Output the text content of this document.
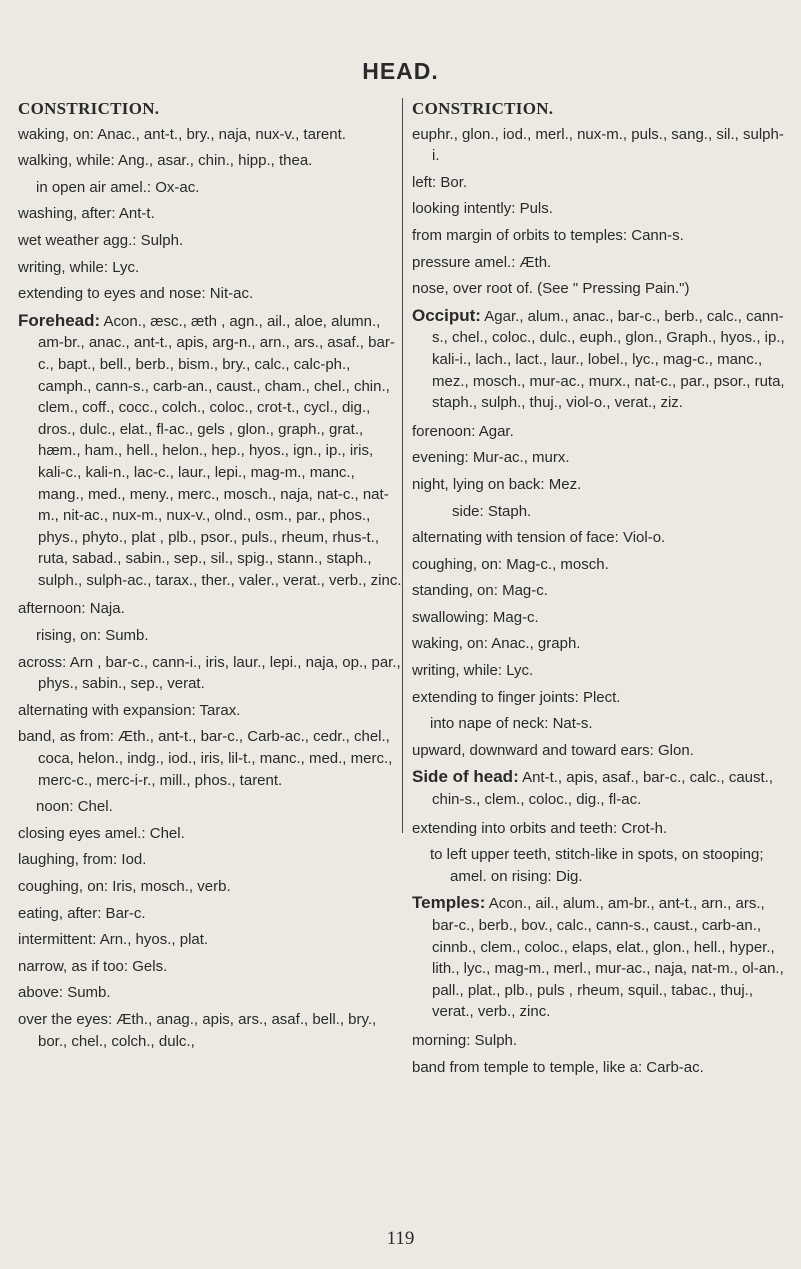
HEAD.
CONSTRICTION.
waking, on: Anac., ant-t., bry., naja, nux-v., tarent.
walking, while: Ang., asar., chin., hipp., thea.
in open air amel.: Ox-ac.
washing, after: Ant-t.
wet weather agg.: Sulph.
writing, while: Lyc.
extending to eyes and nose: Nit-ac.
Forehead: Acon., æsc., æth , agn., ail., aloe, alumn., am-br., anac., ant-t., apis, arg-n., arn., ars., asaf., bar-c., bapt., bell., berb., bism., bry., calc., calc-ph., camph., cann-s., carb-an., caust., cham., chel., chin., clem., coff., cocc., colch., coloc., crot-t., cycl., dig., dros., dulc., elat., fl-ac., gels , glon., graph., grat., hæm., ham., hell., helon., hep., hyos., ign., ip., iris, kali-c., kali-n., lac-c., laur., lepi., mag-m., manc., mang., med., meny., merc., mosch., naja, nat-c., nat-m., nit-ac., nux-m., nux-v., olnd., osm., par., phos., phys., phyto., plat , plb., psor., puls., rheum, rhus-t., ruta, sabad., sabin., sep., sil., spig., stann., staph., sulph., sulph-ac., tarax., ther., valer., verat., verb., zinc.
afternoon: Naja.
rising, on: Sumb.
across: Arn , bar-c., cann-i., iris, laur., lepi., naja, op., par., phys., sabin., sep., verat.
alternating with expansion: Tarax.
band, as from: Æth., ant-t., bar-c., Carb-ac., cedr., chel., coca, helon., indg., iod., iris, lil-t., manc., med., merc., merc-c., merc-i-r., mill., phos., tarent.
noon: Chel.
closing eyes amel.: Chel.
laughing, from: Iod.
coughing, on: Iris, mosch., verb.
eating, after: Bar-c.
intermittent: Arn., hyos., plat.
narrow, as if too: Gels.
above: Sumb.
over the eyes: Æth., anag., apis, ars., asaf., bell., bry., bor., chel., colch., dulc.,
CONSTRICTION.
euphr., glon., iod., merl., nux-m., puls., sang., sil., sulph-i.
left: Bor.
looking intently: Puls.
from margin of orbits to temples: Cann-s.
pressure amel.: Æth.
nose, over root of. (See " Pressing Pain.")
Occiput: Agar., alum., anac., bar-c., berb., calc., cann-s., chel., coloc., dulc., euph., glon., Graph., hyos., ip., kali-i., lach., lact., laur., lobel., lyc., mag-c., manc., mez., mosch., mur-ac., murx., nat-c., par., psor., ruta, staph., sulph., thuj., viol-o., verat., ziz.
forenoon: Agar.
evening: Mur-ac., murx.
night, lying on back: Mez.
side: Staph.
alternating with tension of face: Viol-o.
coughing, on: Mag-c., mosch.
standing, on: Mag-c.
swallowing: Mag-c.
waking, on: Anac., graph.
writing, while: Lyc.
extending to finger joints: Plect.
into nape of neck: Nat-s.
upward, downward and toward ears: Glon.
Side of head: Ant-t., apis, asaf., bar-c., calc., caust., chin-s., clem., coloc., dig., fl-ac.
extending into orbits and teeth: Crot-h.
to left upper teeth, stitch-like in spots, on stooping; amel. on rising: Dig.
Temples: Acon., ail., alum., am-br., ant-t., arn., ars., bar-c., berb., bov., calc., cann-s., caust., carb-an., cinnb., clem., coloc., elaps, elat., glon., hell., hyper., lith., lyc., mag-m., merl., mur-ac., naja, nat-m., ol-an., pall., plat., plb., puls , rheum, squil., tabac., thuj., verat., verb., zinc.
morning: Sulph.
band from temple to temple, like a: Carb-ac.
119
